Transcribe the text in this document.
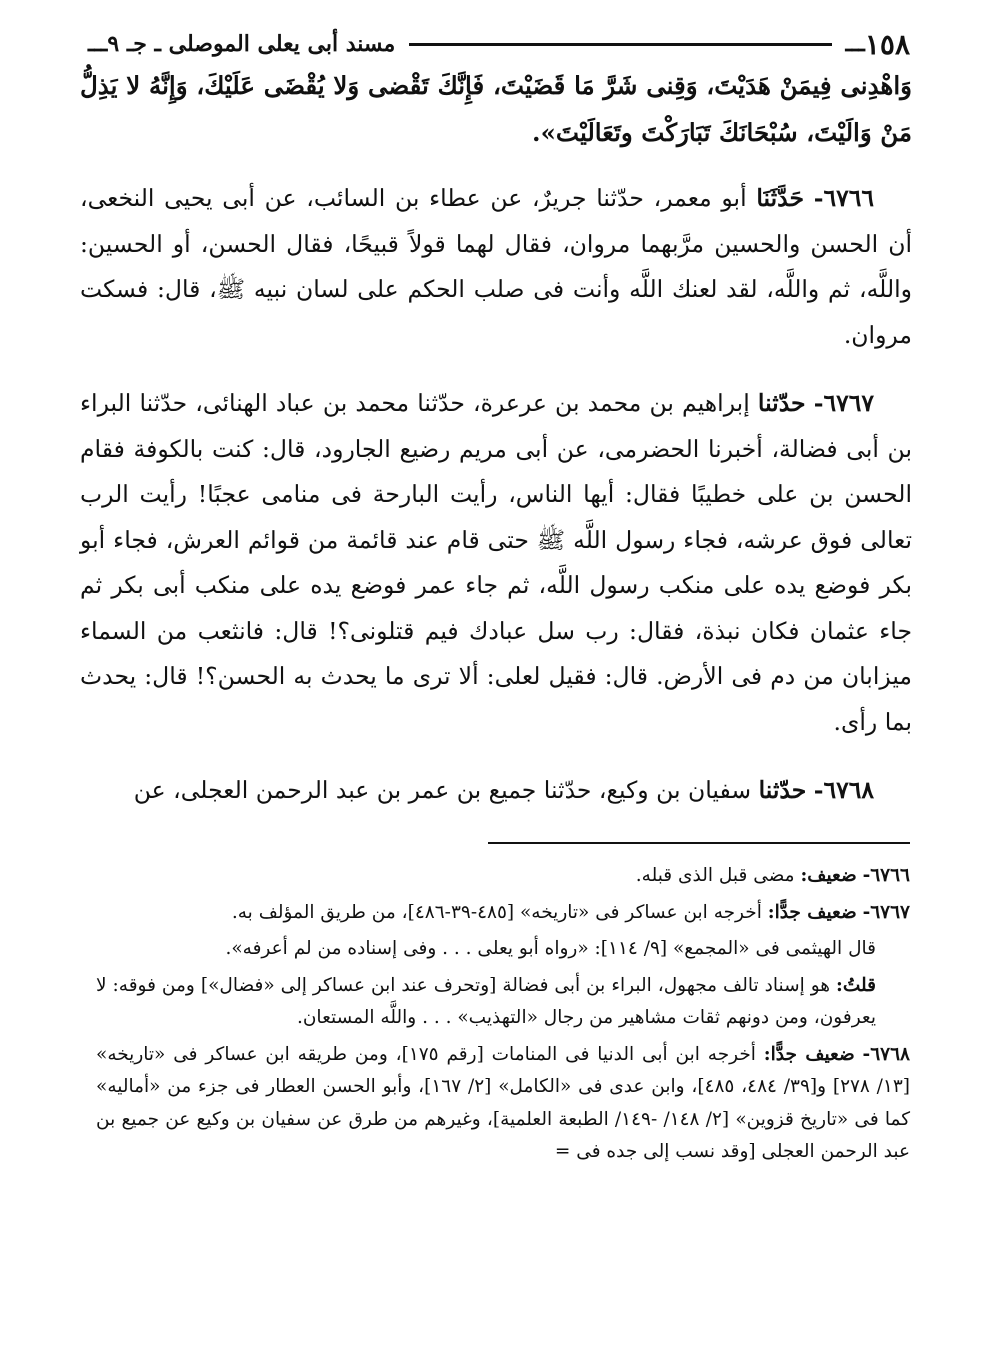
١٥٨
ـــ
مسند أبى يعلى الموصلى ـ جـ ٩
ـــ

وَاهْدِنى فِيمَنْ هَدَيْتَ، وَقِنى شَرَّ مَا قَضَيْتَ، فَإِنَّكَ تَقْضى وَلا يُقْضَى عَلَيْكَ، وَإِنَّهُ لا يَذِلُّ مَنْ وَالَيْتَ، سُبْحَانَكَ تَبَارَكْتَ وتَعَالَيْتَ».

٦٧٦٦- حَدَّثَنَا أبو معمر، حدّثنا جريرٌ، عن عطاء بن السائب، عن أبى يحيى النخعى، أن الحسن والحسين مرَّبهما مروان، فقال لهما قولاً قبيحًا، فقال الحسن، أو الحسين: واللَّه، ثم واللَّه، لقد لعنك اللَّه وأنت فى صلب الحكم على لسان نبيه ﷺ، قال: فسكت مروان.

٦٧٦٧- حدّثنا إبراهيم بن محمد بن عرعرة، حدّثنا محمد بن عباد الهنائى، حدّثنا البراء بن أبى فضالة، أخبرنا الحضرمى، عن أبى مريم رضيع الجارود، قال: كنت بالكوفة فقام الحسن بن على خطيبًا فقال: أيها الناس، رأيت البارحة فى منامى عجبًا! رأيت الرب تعالى فوق عرشه، فجاء رسول اللَّه ﷺ حتى قام عند قائمة من قوائم العرش، فجاء أبو بكر فوضع يده على منكب رسول اللَّه، ثم جاء عمر فوضع يده على منكب أبى بكر ثم جاء عثمان فكان نبذة، فقال: رب سل عبادك فيم قتلونى؟! قال: فانثعب من السماء ميزابان من دم فى الأرض. قال: فقيل لعلى: ألا ترى ما يحدث به الحسن؟! قال: يحدث بما رأى.

٦٧٦٨- حدّثنا سفيان بن وكيع، حدّثنا جميع بن عمر بن عبد الرحمن العجلى، عن

٦٧٦٦- ضعيف: مضى قبل الذى قبله.

٦٧٦٧- ضعيف جدًّا: أخرجه ابن عساكر فى «تاريخه» [٤٨٥-٣٩-٤٨٦]، من طريق المؤلف به.

قال الهيثمى فى «المجمع» [٩/ ١١٤]: «رواه أبو يعلى . . . وفى إسناده من لم أعرفه».

قلتُ: هو إسناد تالف مجهول، البراء بن أبى فضالة [وتحرف عند ابن عساكر إلى «فضال»] ومن فوقه: لا يعرفون، ومن دونهم ثقات مشاهير من رجال «التهذيب» . . . واللَّه المستعان.

٦٧٦٨- ضعيف جدًّا: أخرجه ابن أبى الدنيا فى المنامات [رقم ١٧٥]، ومن طريقه ابن عساكر فى «تاريخه» [١٣/ ٢٧٨] و[٣٩/ ٤٨٤، ٤٨٥]، وابن عدى فى «الكامل» [٢/ ١٦٧]، وأبو الحسن العطار فى جزء من «أماليه» كما فى «تاريخ قزوين» [٢/ ١٤٨/ -١٤٩/ الطبعة العلمية]، وغيرهم من طرق عن سفيان بن وكيع عن جميع بن عبد الرحمن العجلى [وقد نسب إلى جده فى =
